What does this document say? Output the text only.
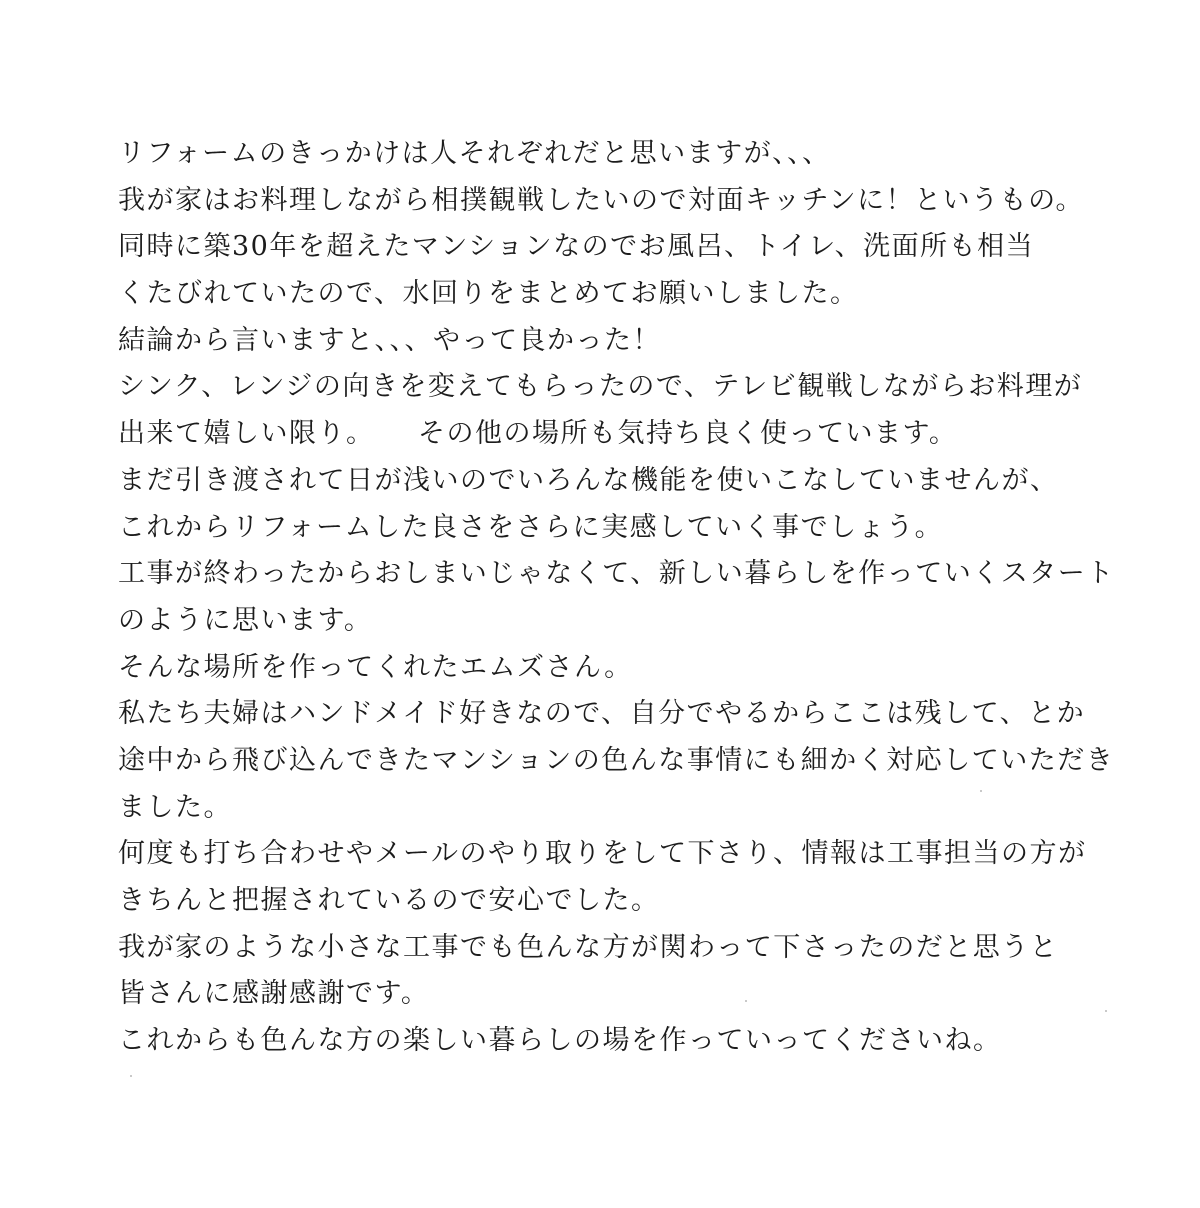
リフォームのきっかけは人それぞれだと思いますが、、、
我が家はお料理しながら相撲観戦したいので対面キッチンに！というもの。
同時に築30年を超えたマンションなのでお風呂、トイレ、洗面所も相当
くたびれていたので、水回りをまとめてお願いしました。
結論から言いますと、、、やって良かった！
シンク、レンジの向きを変えてもらったので、テレビ観戦しながらお料理が
出来て嬉しい限り。　　その他の場所も気持ち良く使っています。
まだ引き渡されて日が浅いのでいろんな機能を使いこなしていませんが、
これからリフォームした良さをさらに実感していく事でしょう。
工事が終わったからおしまいじゃなくて、新しい暮らしを作っていくスタート
のように思います。
そんな場所を作ってくれたエムズさん。
私たち夫婦はハンドメイド好きなので、自分でやるからここは残して、とか
途中から飛び込んできたマンションの色んな事情にも細かく対応していただき
ました。
何度も打ち合わせやメールのやり取りをして下さり、情報は工事担当の方が
きちんと把握されているので安心でした。
我が家のような小さな工事でも色んな方が関わって下さったのだと思うと
皆さんに感謝感謝です。
これからも色んな方の楽しい暮らしの場を作っていってくださいね。
